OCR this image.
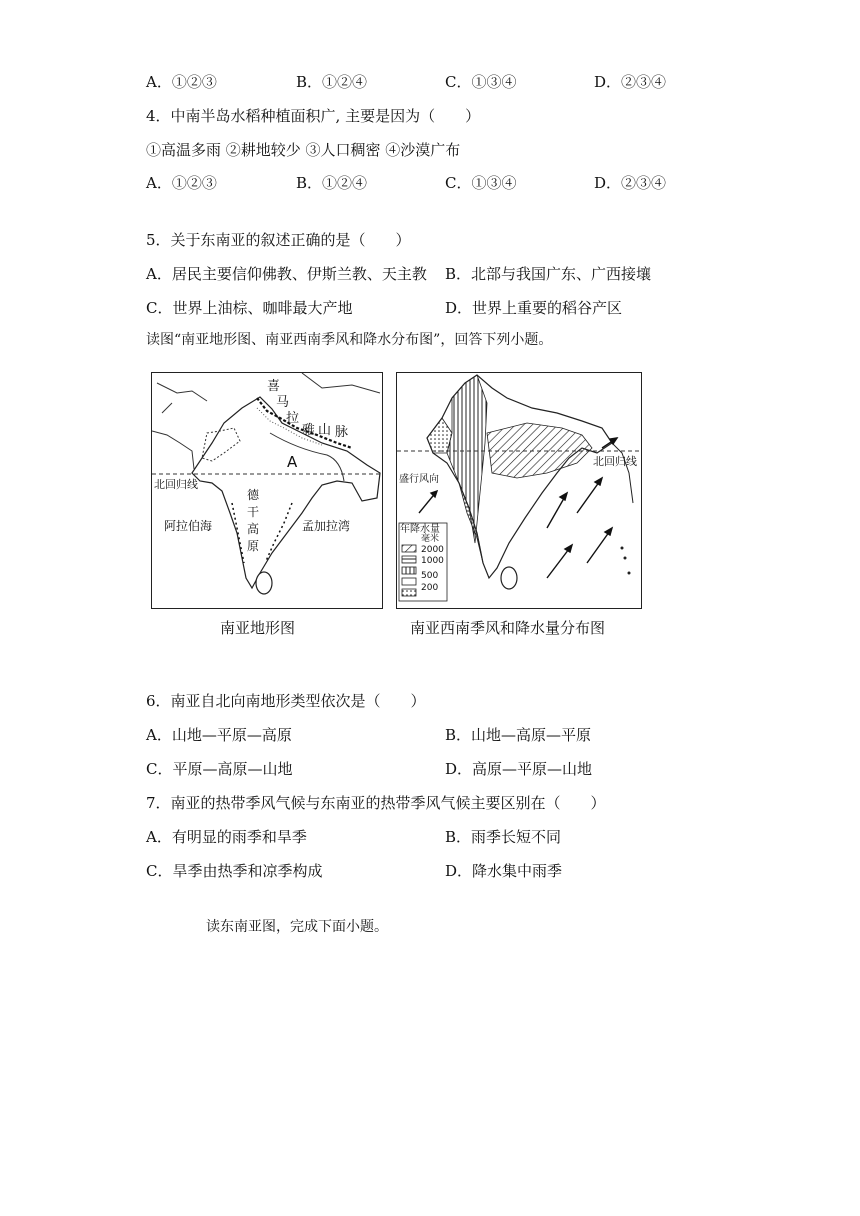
A．①②③	B．①②④	C．①③④	D．②③④
4．中南半岛水稻种植面积广, 主要是因为（　　）
①高温多雨 ②耕地较少 ③人口稠密 ④沙漠广布
A．①②③	B．①②④	C．①③④	D．②③④
5．关于东南亚的叙述正确的是（　　）
A．居民主要信仰佛教、伊斯兰教、天主教 B．北部与我国广东、广西接壤
C．世界上油棕、咖啡最大产地	D．世界上重要的稻谷产区
读图“南亚地形图、南亚西南季风和降水分布图”，回答下列小题。
喜
马
拉
雅 山 脉
A
北回归线
阿拉伯海
德
干
高
原
孟加拉湾
南亚地形图
北回归线
盛行风向
年降水量
毫米
2000
1000
500
200
南亚西南季风和降水量分布图
6．南亚自北向南地形类型依次是（　　）
A．山地—平原—高原	B．山地—高原—平原
C．平原—高原—山地	D．高原—平原—山地
7．南亚的热带季风气候与东南亚的热带季风气候主要区别在（　　）
A．有明显的雨季和旱季	B．雨季长短不同
C．旱季由热季和凉季构成	D．降水集中雨季
读东南亚图，完成下面小题。
